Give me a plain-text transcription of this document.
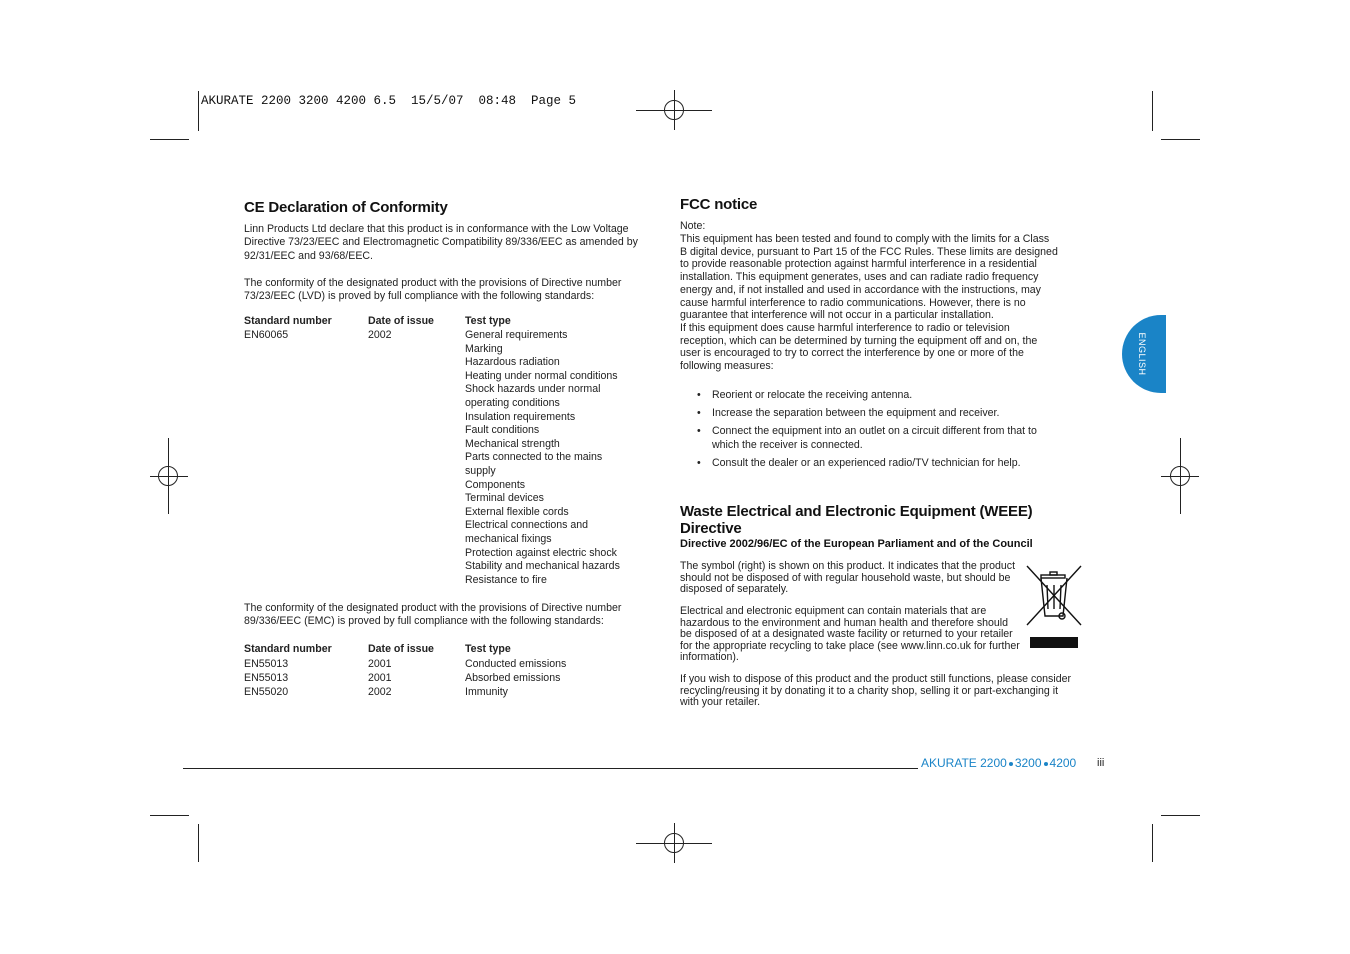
AKURATE 2200 3200 4200 6.5  15/5/07  08:48  Page 5
CE Declaration of Conformity

Linn Products Ltd declare that this product is in conformance with the Low Voltage Directive 73/23/EEC and Electromagnetic Compatibility 89/336/EEC as amended by 92/31/EEC and 93/68/EEC.

The conformity of the designated product with the provisions of Directive number 73/23/EEC (LVD) is proved by full compliance with the following standards:

Standard number	Date of issue	Test type
EN60065	2002	General requirements
Marking
Hazardous radiation
Heating under normal conditions
Shock hazards under normal
operating conditions
Insulation requirements
Fault conditions
Mechanical strength
Parts connected to the mains
supply
Components
Terminal devices
External flexible cords
Electrical connections and
mechanical fixings
Protection against electric shock
Stability and mechanical hazards
Resistance to fire

The conformity of the designated product with the provisions of Directive number 89/336/EEC (EMC) is proved by full compliance with the following standards:

Standard number	Date of issue	Test type
EN55013	2001	Conducted emissions
EN55013	2001	Absorbed emissions
EN55020	2002	Immunity
FCC notice
Note:
This equipment has been tested and found to comply with the limits for a Class
B digital device, pursuant to Part 15 of the FCC Rules. These limits are designed
to provide reasonable protection against harmful interference in a residential
installation. This equipment generates, uses and can radiate radio frequency
energy and, if not installed and used in accordance with the instructions, may
cause harmful interference to radio communications. However, there is no
guarantee that interference will not occur in a particular installation.
If this equipment does cause harmful interference to radio or television
reception, which can be determined by turning the equipment off and on, the
user is encouraged to try to correct the interference by one or more of the
following measures:
• Reorient or relocate the receiving antenna.
• Increase the separation between the equipment and receiver.
• Connect the equipment into an outlet on a circuit different from that to which the receiver is connected.
• Consult the dealer or an experienced radio/TV technician for help.
Waste Electrical and Electronic Equipment (WEEE)
Directive
Directive 2002/96/EC of the European Parliament and of the Council

The symbol (right) is shown on this product. It indicates that the product should not be disposed of with regular household waste, but should be disposed of separately.

Electrical and electronic equipment can contain materials that are hazardous to the environment and human health and therefore should be disposed of at a designated waste facility or returned to your retailer for the appropriate recycling to take place (see www.linn.co.uk for further information).

If you wish to dispose of this product and the product still functions, please consider recycling/reusing it by donating it to a charity shop, selling it or part-exchanging it with your retailer.

ENGLISH
AKURATE 2200 3200 4200 iii
